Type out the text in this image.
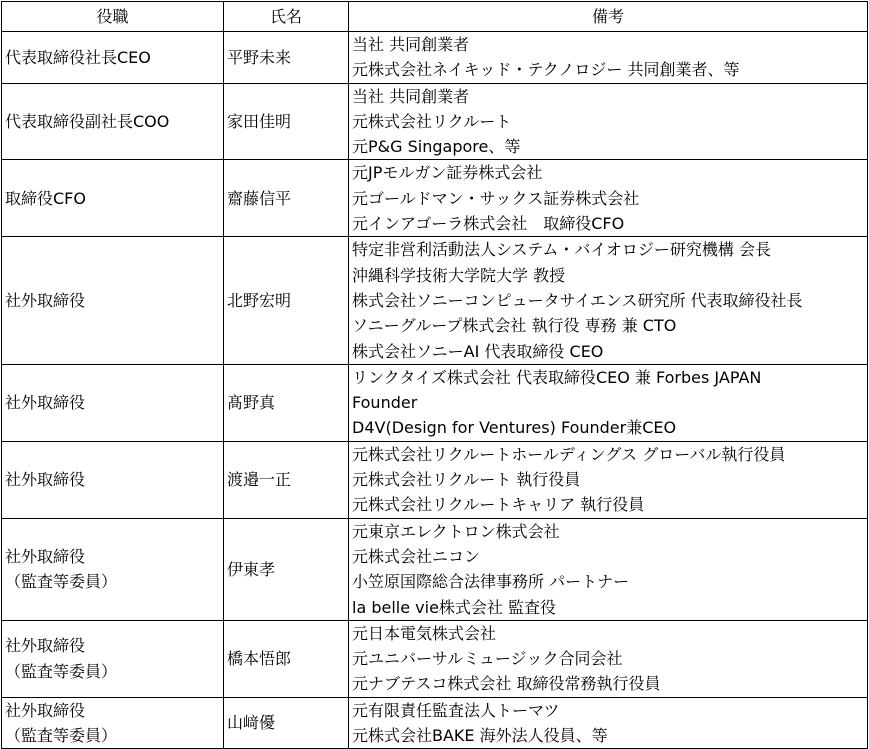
役職	氏名	備考

代表取締役社長CEO	平野未来	当社 共同創業者
元株式会社ネイキッド・テクノロジー 共同創業者、等

代表取締役副社長COO	家田佳明	当社 共同創業者
元株式会社リクルート
元P&G Singapore、等

取締役CFO	齋藤信平	元JPモルガン証券株式会社
元ゴールドマン・サックス証券株式会社
元インアゴーラ株式会社　取締役CFO

社外取締役	北野宏明	特定非営利活動法人システム・バイオロジー研究機構 会長
沖縄科学技術大学院大学 教授
株式会社ソニーコンピュータサイエンス研究所 代表取締役社長
ソニーグループ株式会社 執行役 専務 兼 CTO
株式会社ソニーAI 代表取締役 CEO

社外取締役	髙野真	リンクタイズ株式会社 代表取締役CEO 兼 Forbes JAPAN
Founder
D4V(Design for Ventures) Founder兼CEO

社外取締役	渡邉一正	元株式会社リクルートホールディングス グローバル執行役員
元株式会社リクルート 執行役員
元株式会社リクルートキャリア 執行役員

社外取締役
（監査等委員）	伊東孝	元東京エレクトロン株式会社
元株式会社ニコン
小笠原国際総合法律事務所 パートナー
la belle vie株式会社 監査役

社外取締役
（監査等委員）	橋本悟郎	元日本電気株式会社
元ユニバーサルミュージック合同会社
元ナブテスコ株式会社 取締役常務執行役員

社外取締役
（監査等委員）	山﨑優	元有限責任監査法人トーマツ
元株式会社BAKE 海外法人役員、等
